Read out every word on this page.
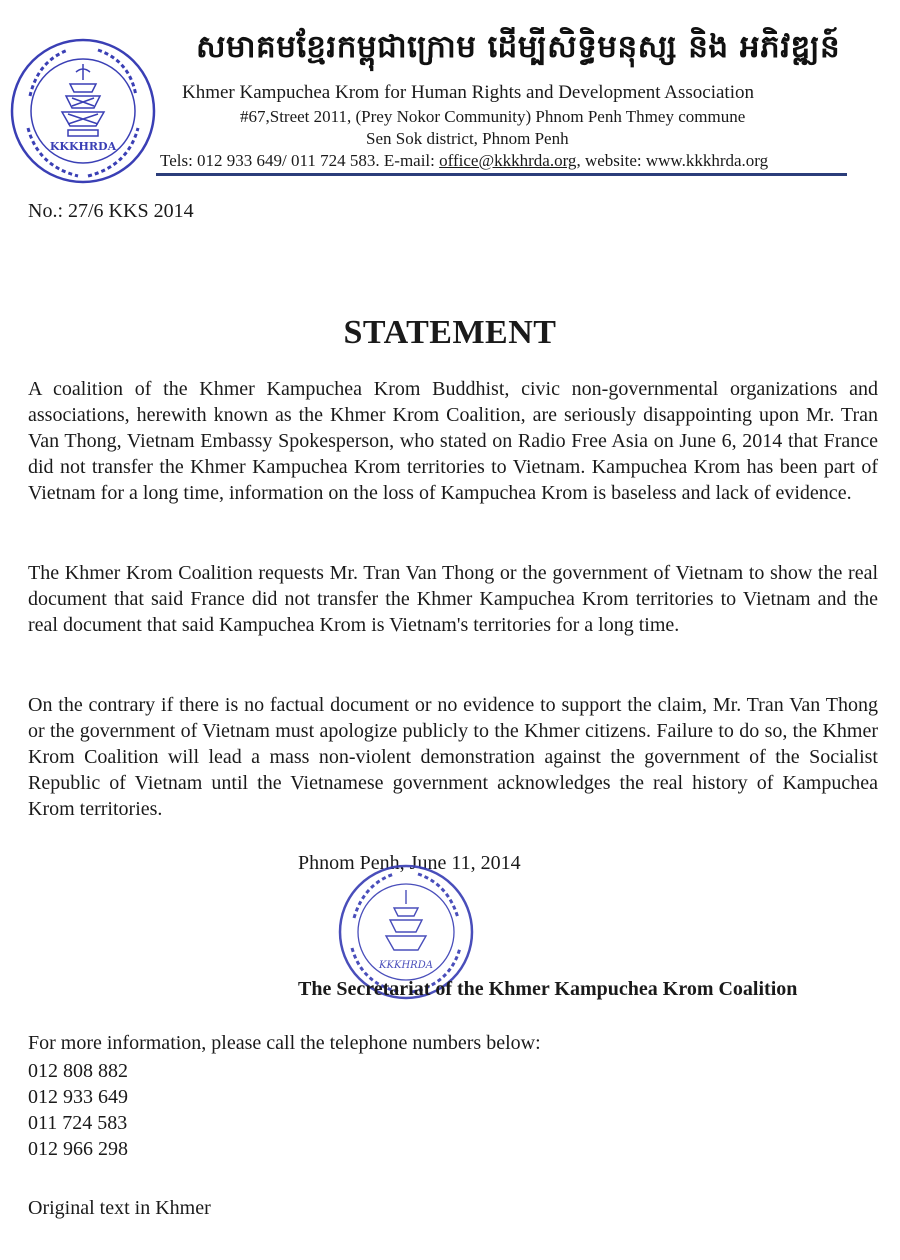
KKKHRDA
សមាគមខ្មែរកម្ពុជាក្រោម ដើម្បីសិទ្ធិមនុស្ស និង អភិវឌ្ឍន៍
Khmer Kampuchea Krom for Human Rights and Development Association
#67,Street 2011, (Prey Nokor Community) Phnom Penh Thmey commune
Sen Sok district, Phnom Penh
Tels: 012 933 649/ 011 724 583. E-mail: office@kkkhrda.org, website: www.kkkhrda.org
No.: 27/6 KKS 2014
STATEMENT

A coalition of the Khmer Kampuchea Krom Buddhist, civic non-governmental organizations and associations, herewith known as the Khmer Krom Coalition, are seriously disappointing upon Mr. Tran Van Thong, Vietnam Embassy Spokesperson, who stated on Radio Free Asia on June 6, 2014 that France did not transfer the Khmer Kampuchea Krom territories to Vietnam. Kampuchea Krom has been part of Vietnam for a long time, information on the loss of Kampuchea Krom is baseless and lack of evidence.

The Khmer Krom Coalition requests Mr. Tran Van Thong or the government of Vietnam to show the real document that said France did not transfer the Khmer Kampuchea Krom territories to Vietnam and the real document that said Kampuchea Krom is Vietnam's territories for a long time.

On the contrary if there is no factual document or no evidence to support the claim, Mr. Tran Van Thong or the government of Vietnam must apologize publicly to the Khmer citizens. Failure to do so, the Khmer Krom Coalition will lead a mass non-violent demonstration against the government of the Socialist Republic of Vietnam until the Vietnamese government acknowledges the real history of Kampuchea Krom territories.

Phnom Penh, June 11, 2014
KKKHRDA
The Secretariat of the Khmer Kampuchea Krom Coalition
For more information, please call the telephone numbers below:
012 808 882
012 933 649
011 724 583
012 966 298
Original text in Khmer
